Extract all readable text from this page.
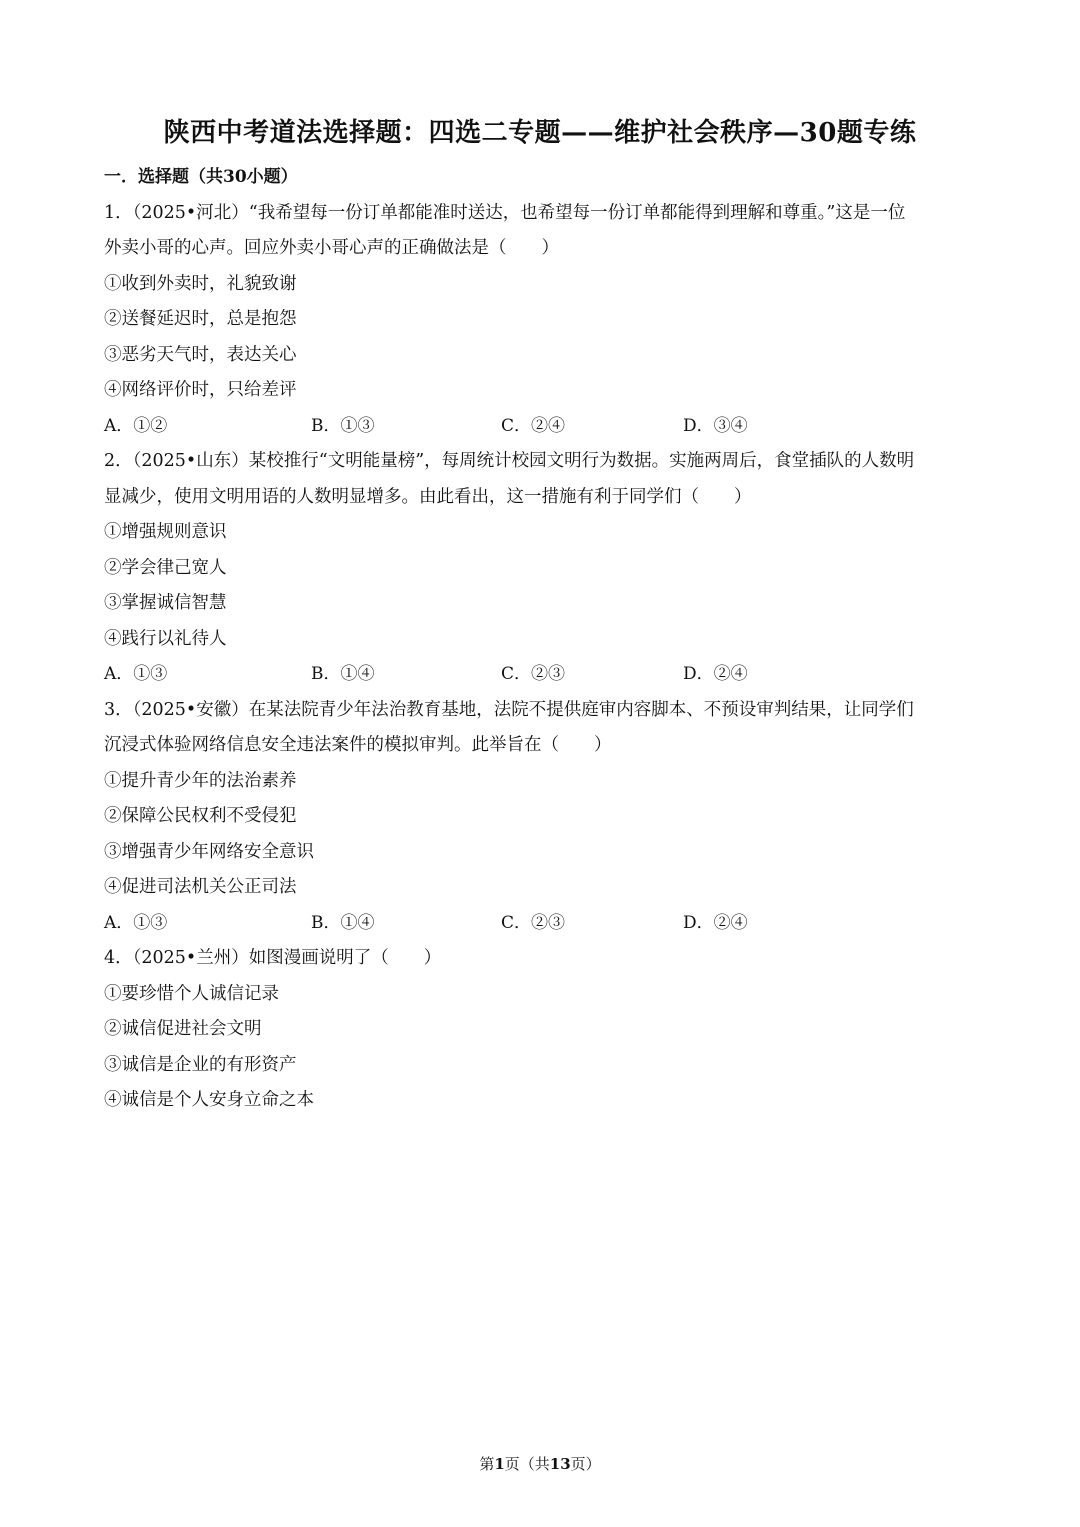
陕西中考道法选择题：四选二专题——维护社会秩序—30题专练
一．选择题（共30小题）
1．（2025•河北）“我希望每一份订单都能准时送达，也希望每一份订单都能得到理解和尊重。”这是一位
外卖小哥的心声。回应外卖小哥心声的正确做法是（　　）
①收到外卖时，礼貌致谢
②送餐延迟时，总是抱怨
③恶劣天气时，表达关心
④网络评价时，只给差评
A．①②	B．①③	C．②④	D．③④
2．（2025•山东）某校推行“文明能量榜”，每周统计校园文明行为数据。实施两周后，食堂插队的人数明
显减少，使用文明用语的人数明显增多。由此看出，这一措施有利于同学们（　　）
①增强规则意识
②学会律己宽人
③掌握诚信智慧
④践行以礼待人
A．①③	B．①④	C．②③	D．②④
3．（2025•安徽）在某法院青少年法治教育基地，法院不提供庭审内容脚本、不预设审判结果，让同学们
沉浸式体验网络信息安全违法案件的模拟审判。此举旨在（　　）
①提升青少年的法治素养
②保障公民权利不受侵犯
③增强青少年网络安全意识
④促进司法机关公正司法
A．①③	B．①④	C．②③	D．②④
4．（2025•兰州）如图漫画说明了（　　）
①要珍惜个人诚信记录
②诚信促进社会文明
③诚信是企业的有形资产
④诚信是个人安身立命之本
第1页（共13页）
